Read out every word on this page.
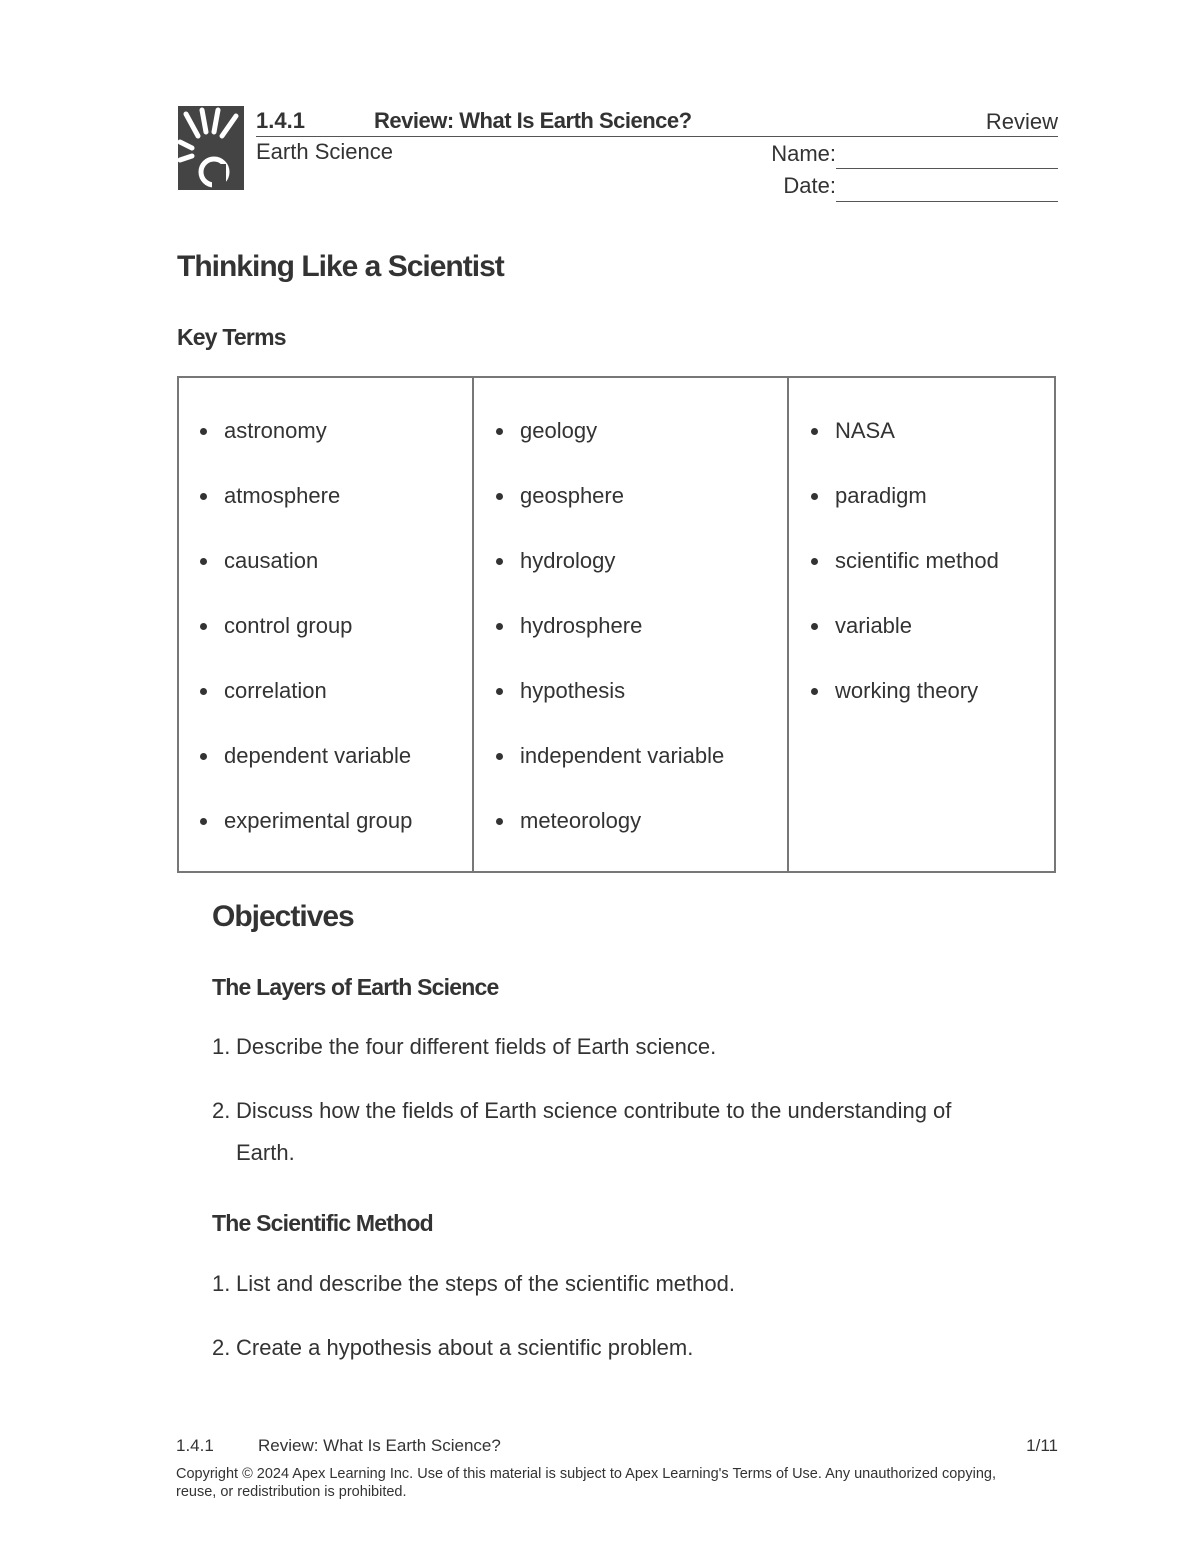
1.4.1	Review: What Is Earth Science?	Review
Earth Science	Name:
Date:
Thinking Like a Scientist
Key Terms
astronomy
atmosphere
causation
control group
correlation
dependent variable
experimental group
geology
geosphere
hydrology
hydrosphere
hypothesis
independent variable
meteorology
NASA
paradigm
scientific method
variable
working theory
Objectives
The Layers of Earth Science
1. Describe the four different fields of Earth science.
2. Discuss how the fields of Earth science contribute to the understanding of Earth.
The Scientific Method
1. List and describe the steps of the scientific method.
2. Create a hypothesis about a scientific problem.
1.4.1	Review: What Is Earth Science?	1/11
Copyright © 2024 Apex Learning Inc. Use of this material is subject to Apex Learning's Terms of Use. Any unauthorized copying, reuse, or redistribution is prohibited.
